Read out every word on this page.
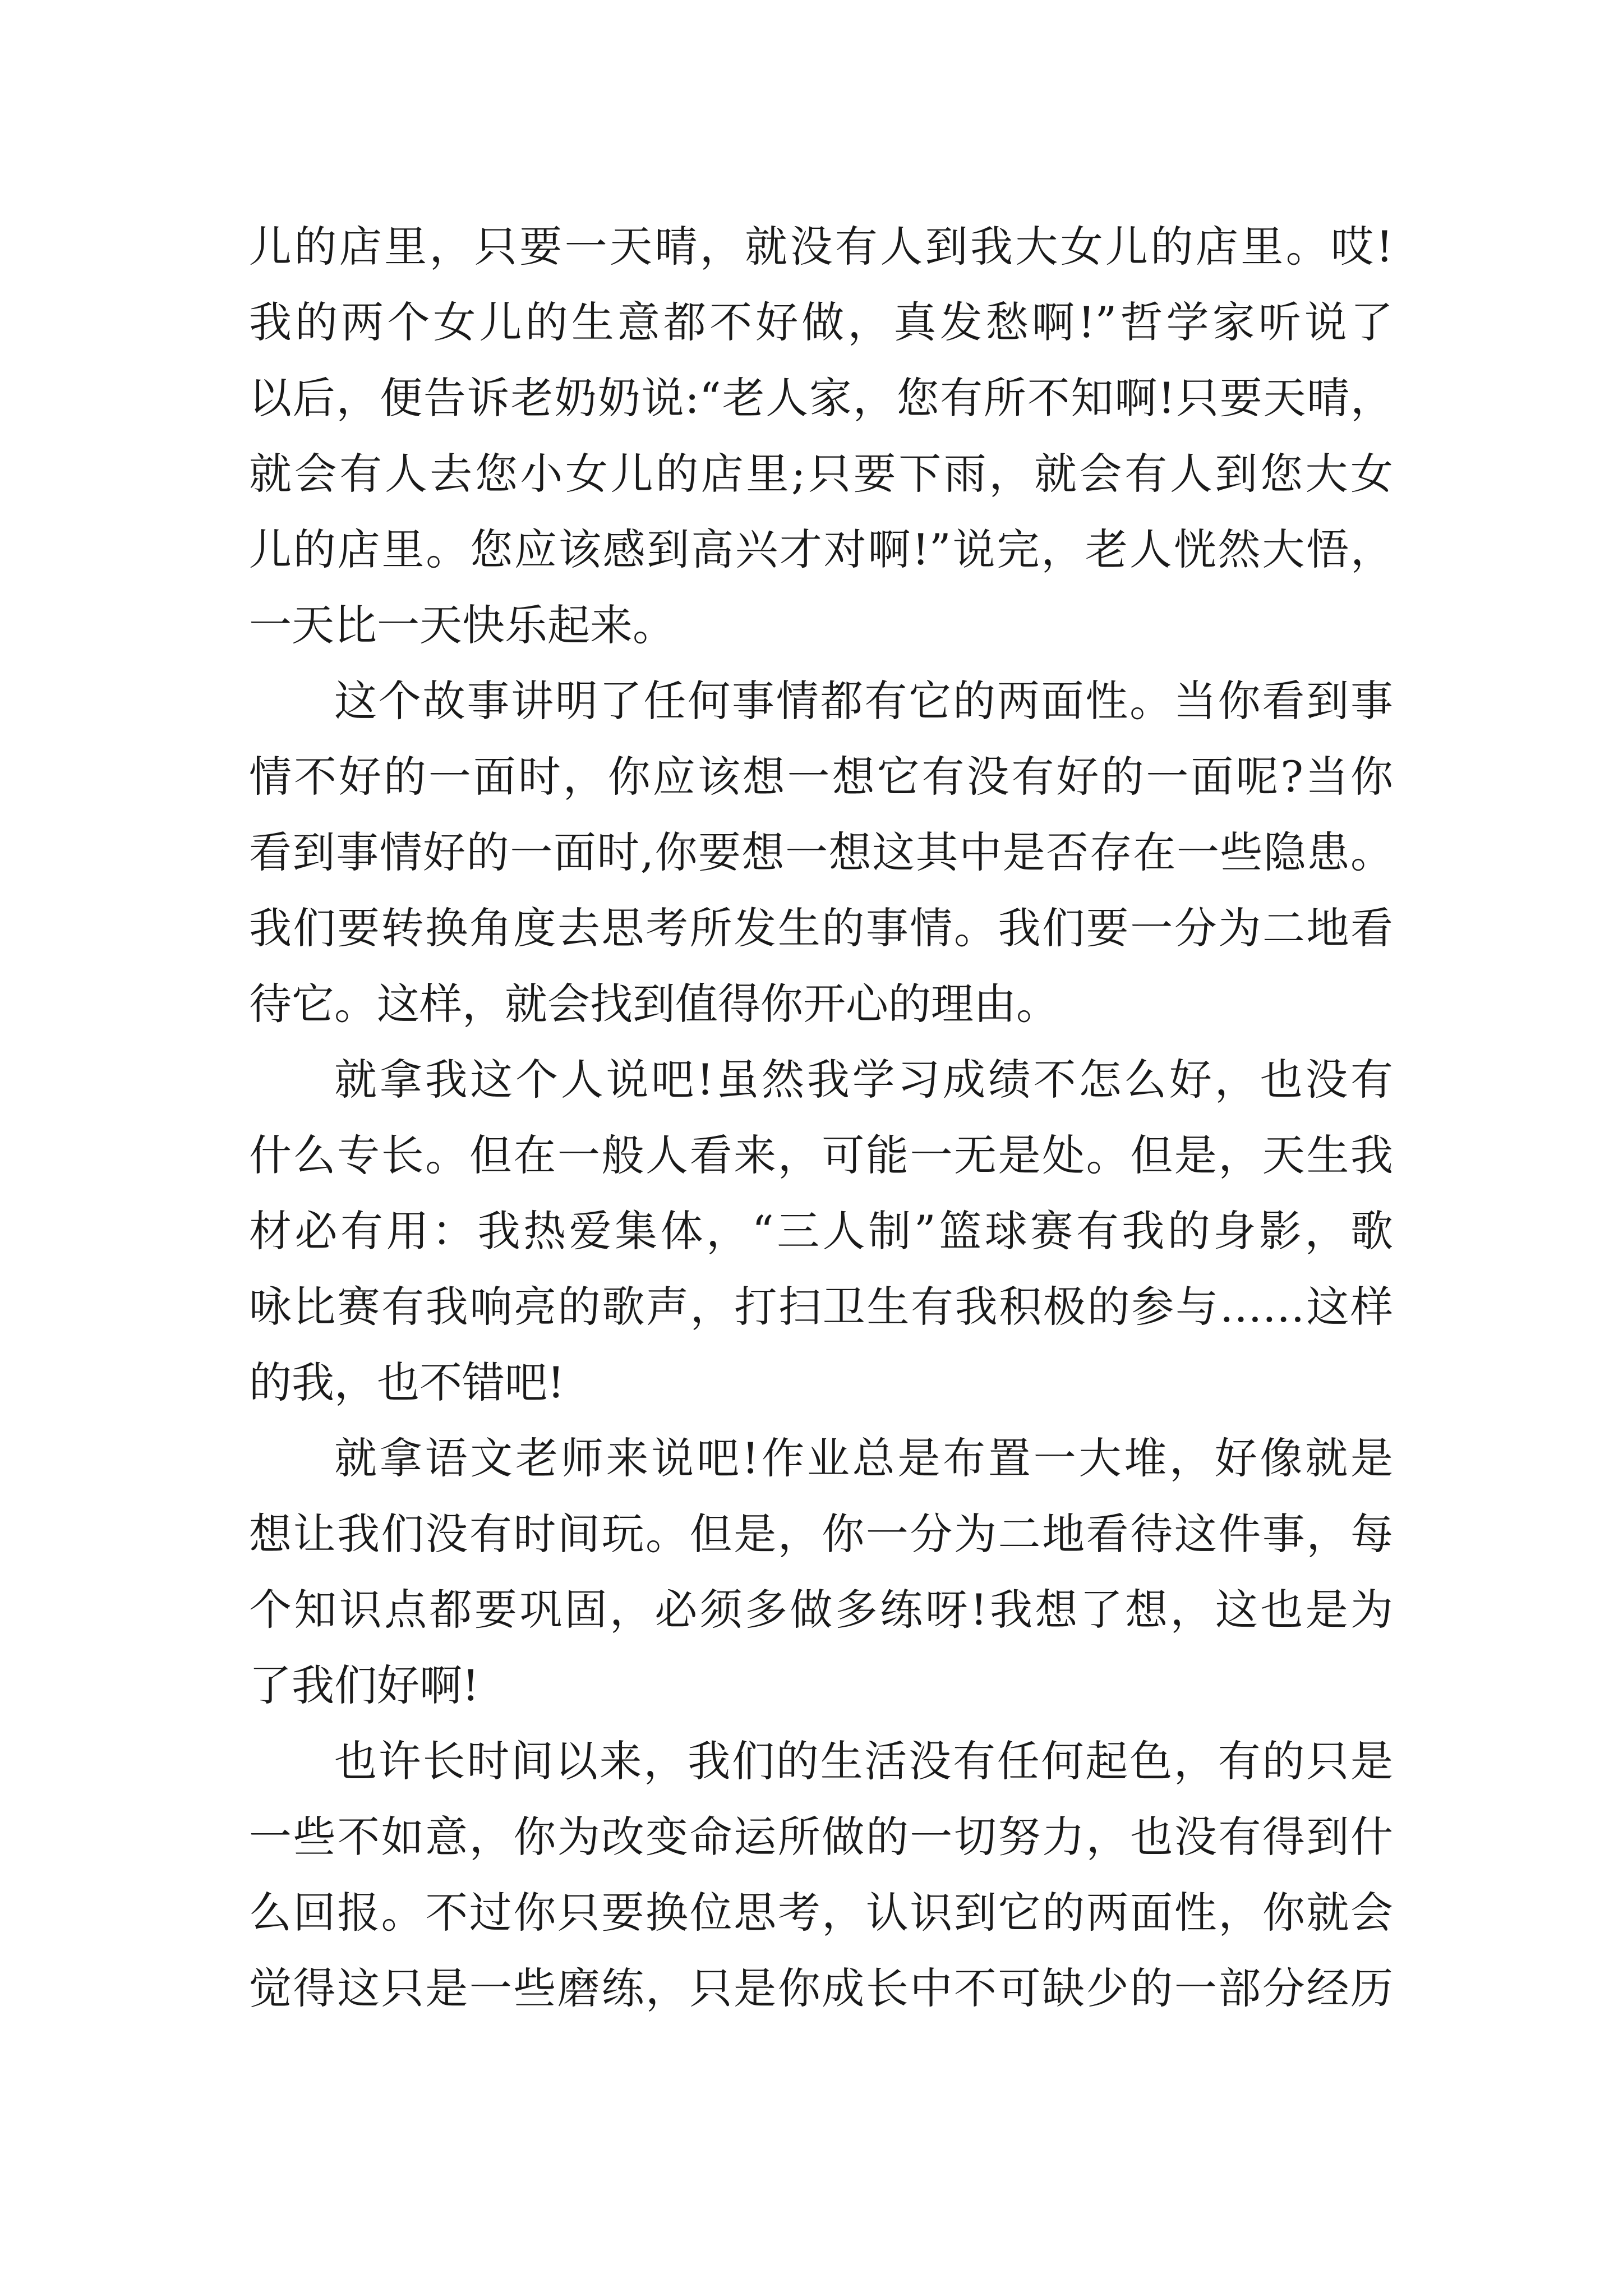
儿的店里，只要一天晴，就没有人到我大女儿的店里。哎!

我的两个女儿的生意都不好做，真发愁啊!”哲学家听说了

以后，便告诉老奶奶说:“老人家，您有所不知啊!只要天晴，

就会有人去您小女儿的店里;只要下雨，就会有人到您大女

儿的店里。您应该感到高兴才对啊!”说完，老人恍然大悟，

一天比一天快乐起来。

这个故事讲明了任何事情都有它的两面性。当你看到事

情不好的一面时，你应该想一想它有没有好的一面呢?当你

看到事情好的一面时,你要想一想这其中是否存在一些隐患。

我们要转换角度去思考所发生的事情。我们要一分为二地看

待它。这样，就会找到值得你开心的理由。

就拿我这个人说吧!虽然我学习成绩不怎么好，也没有

什么专长。但在一般人看来，可能一无是处。但是，天生我

材必有用：我热爱集体，“三人制”篮球赛有我的身影，歌

咏比赛有我响亮的歌声，打扫卫生有我积极的参与……这样

的我，也不错吧!

就拿语文老师来说吧!作业总是布置一大堆，好像就是

想让我们没有时间玩。但是，你一分为二地看待这件事，每

个知识点都要巩固，必须多做多练呀!我想了想，这也是为

了我们好啊!

也许长时间以来，我们的生活没有任何起色，有的只是

一些不如意，你为改变命运所做的一切努力，也没有得到什

么回报。不过你只要换位思考，认识到它的两面性，你就会

觉得这只是一些磨练，只是你成长中不可缺少的一部分经历
